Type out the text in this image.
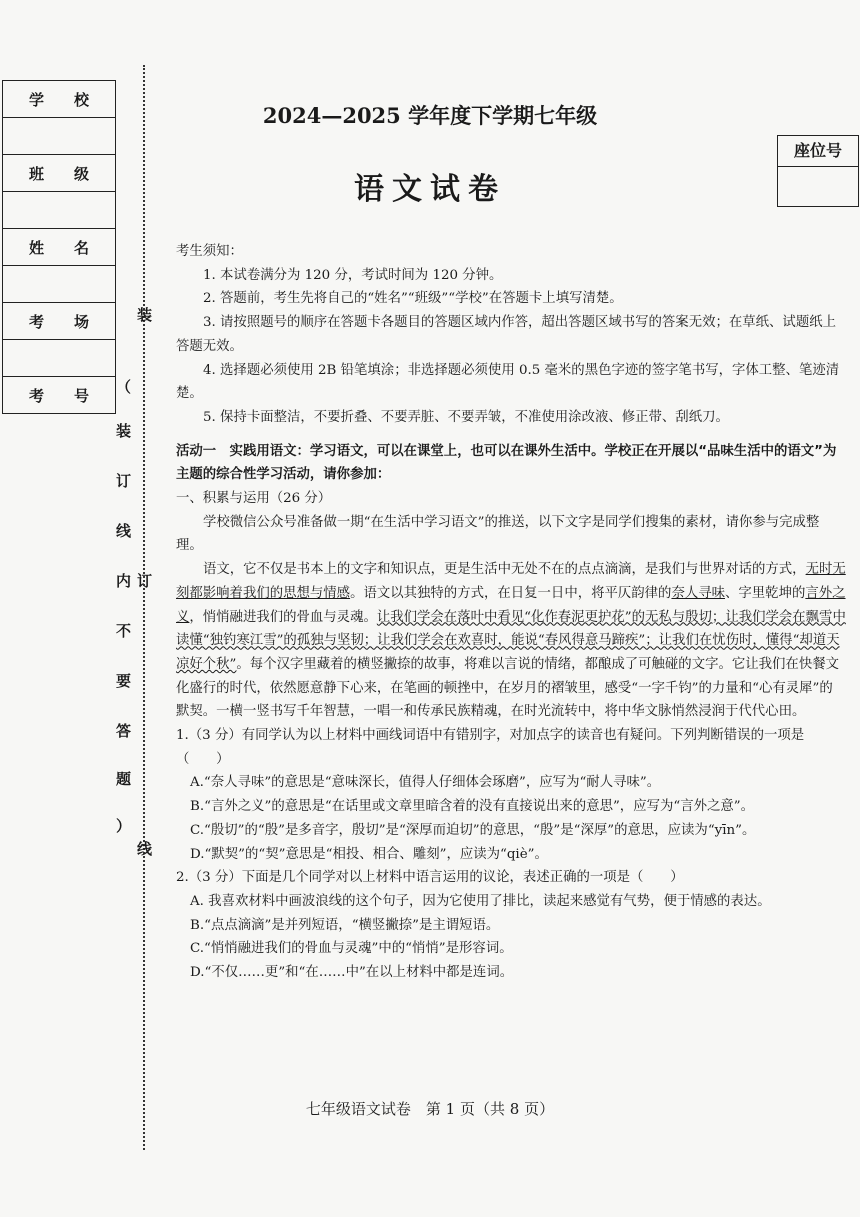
学　　校
班　　级
姓　　名
考　　场
考　　号
装
（
装
订
线
内 订
不
要
答
题
）
线
座位号
2024—2025 学年度下学期七年级
语文试卷

考生须知：

1. 本试卷满分为 120 分，考试时间为 120 分钟。

2. 答题前，考生先将自己的“姓名”“班级”“学校”在答题卡上填写清楚。

3. 请按照题号的顺序在答题卡各题目的答题区域内作答，超出答题区域书写的答案无效；在草纸、试题纸上答题无效。

4. 选择题必须使用 2B 铅笔填涂；非选择题必须使用 0.5 毫米的黑色字迹的签字笔书写，字体工整、笔迹清楚。

5. 保持卡面整洁，不要折叠、不要弄脏、不要弄皱，不准使用涂改液、修正带、刮纸刀。

活动一　实践用语文：学习语文，可以在课堂上，也可以在课外生活中。学校正在开展以“品味生活中的语文”为主题的综合性学习活动，请你参加：

一、积累与运用（26 分）

学校微信公众号准备做一期“在生活中学习语文”的推送，以下文字是同学们搜集的素材，请你参与完成整理。

语文，它不仅是书本上的文字和知识点，更是生活中无处不在的点点滴滴，是我们与世界对话的方式，无时无刻都影响着我们的思想与情感。语文以其独特的方式，在日复一日中，将平仄韵律的奈人寻味、字里乾坤的言外之义，悄悄融进我们的骨血与灵魂。让我们学会在落叶中看见“化作春泥更护花”的无私与殷切；让我们学会在飘雪中读懂“独钓寒江雪”的孤独与坚韧；让我们学会在欢喜时，能说“春风得意马蹄疾”；让我们在忧伤时，懂得“却道天凉好个秋”。每个汉字里藏着的横竖撇捺的故事，将难以言说的情绪，都酿成了可触碰的文字。它让我们在快餐文化盛行的时代，依然愿意静下心来，在笔画的顿挫中，在岁月的褶皱里，感受“一字千钧”的力量和“心有灵犀”的默契。一横一竖书写千年智慧，一唱一和传承民族精魂，在时光流转中，将中华文脉悄然浸润于代代心田。

1.（3 分）有同学认为以上材料中画线词语中有错别字，对加点字的读音也有疑问。下列判断错误的一项是（　　）

A.“奈人寻味”的意思是“意味深长，值得人仔细体会琢磨”，应写为“耐人寻味”。

B.“言外之义”的意思是“在话里或文章里暗含着的没有直接说出来的意思”，应写为“言外之意”。

C.“殷切”的“殷”是多音字，殷切”是“深厚而迫切”的意思，“殷”是“深厚”的意思，应读为“yīn”。

D.“默契”的“契”意思是“相投、相合、雕刻”，应读为“qiè”。

2.（3 分）下面是几个同学对以上材料中语言运用的议论，表述正确的一项是（　　）

A. 我喜欢材料中画波浪线的这个句子，因为它使用了排比，读起来感觉有气势，便于情感的表达。

B.“点点滴滴”是并列短语，“横竖撇捺”是主谓短语。

C.“悄悄融进我们的骨血与灵魂”中的“悄悄”是形容词。

D.“不仅……更”和“在……中”在以上材料中都是连词。

七年级语文试卷　第 1 页（共 8 页）
